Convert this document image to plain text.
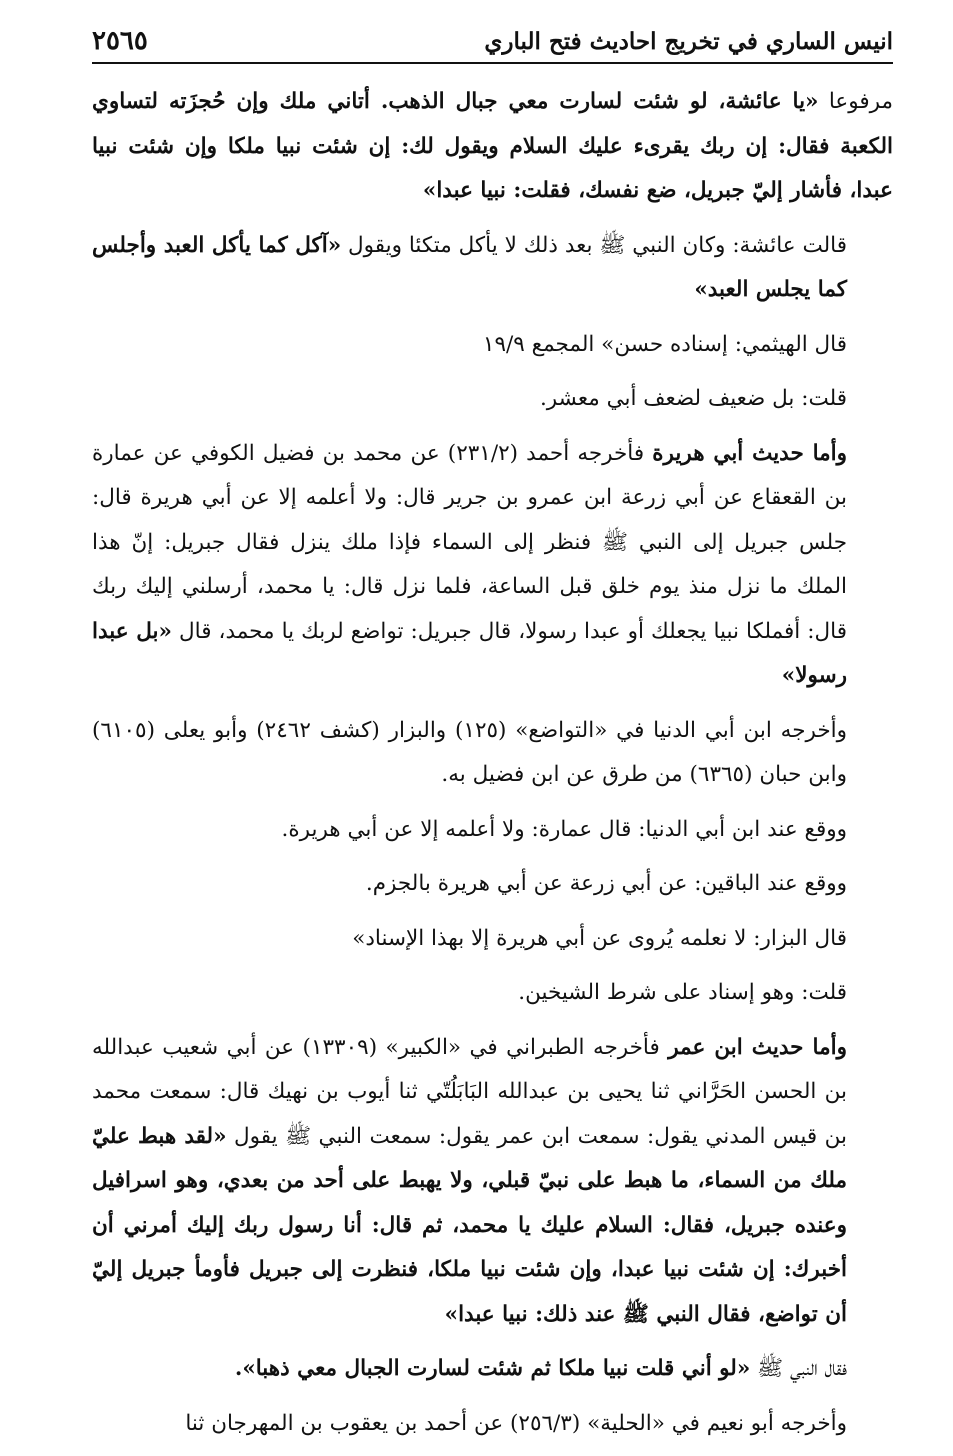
انيس الساري في تخريج احاديث فتح الباري
٢٥٦٥

مرفوعا «يا عائشة، لو شئت لسارت معي جبال الذهب. أتاني ملك وإن حُجزَته لتساوي الكعبة فقال: إن ربك يقرىء عليك السلام ويقول لك: إن شئت نبيا ملكا وإن شئت نبيا عبدا، فأشار إليّ جبريل، ضع نفسك، فقلت: نبيا عبدا»

قالت عائشة: وكان النبي ﷺ بعد ذلك لا يأكل متكئا ويقول «آكل كما يأكل العبد وأجلس كما يجلس العبد»

قال الهيثمي: إسناده حسن» المجمع ١٩/٩

قلت: بل ضعيف لضعف أبي معشر.

وأما حديث أبي هريرة فأخرجه أحمد (٢٣١/٢) عن محمد بن فضيل الكوفي عن عمارة بن القعقاع عن أبي زرعة ابن عمرو بن جرير قال: ولا أعلمه إلا عن أبي هريرة قال: جلس جبريل إلى النبي ﷺ فنظر إلى السماء فإذا ملك ينزل فقال جبريل: إنّ هذا الملك ما نزل منذ يوم خلق قبل الساعة، فلما نزل قال: يا محمد، أرسلني إليك ربك قال: أفملكا نبيا يجعلك أو عبدا رسولا، قال جبريل: تواضع لربك يا محمد، قال «بل عبدا رسولا»

وأخرجه ابن أبي الدنيا في «التواضع» (١٢٥) والبزار (كشف ٢٤٦٢) وأبو يعلى (٦١٠٥) وابن حبان (٦٣٦٥) من طرق عن ابن فضيل به.

ووقع عند ابن أبي الدنيا: قال عمارة: ولا أعلمه إلا عن أبي هريرة.

ووقع عند الباقين: عن أبي زرعة عن أبي هريرة بالجزم.

قال البزار: لا نعلمه يُروى عن أبي هريرة إلا بهذا الإسناد»

قلت: وهو إسناد على شرط الشيخين.

وأما حديث ابن عمر فأخرجه الطبراني في «الكبير» (١٣٣٠٩) عن أبي شعيب عبدالله بن الحسن الحَرَّاني ثنا يحيى بن عبدالله البَابَلُتّي ثنا أيوب بن نهيك قال: سمعت محمد بن قيس المدني يقول: سمعت ابن عمر يقول: سمعت النبي ﷺ يقول «لقد هبط عليّ ملك من السماء، ما هبط على نبيّ قبلي، ولا يهبط على أحد من بعدي، وهو اسرافيل وعنده جبريل، فقال: السلام عليك يا محمد، ثم قال: أنا رسول ربك إليك أمرني أن أخبرك: إن شئت نبيا عبدا، وإن شئت نبيا ملكا، فنظرت إلى جبريل فأومأ جبريل إليّ أن تواضع، فقال النبي ﷺ عند ذلك: نبيا عبدا»

فقال النبي ﷺ «لو أني قلت نبيا ملكا ثم شئت لسارت الجبال معي ذهبا».

وأخرجه أبو نعيم في «الحلية» (٢٥٦/٣) عن أحمد بن يعقوب بن المهرجان ثنا
